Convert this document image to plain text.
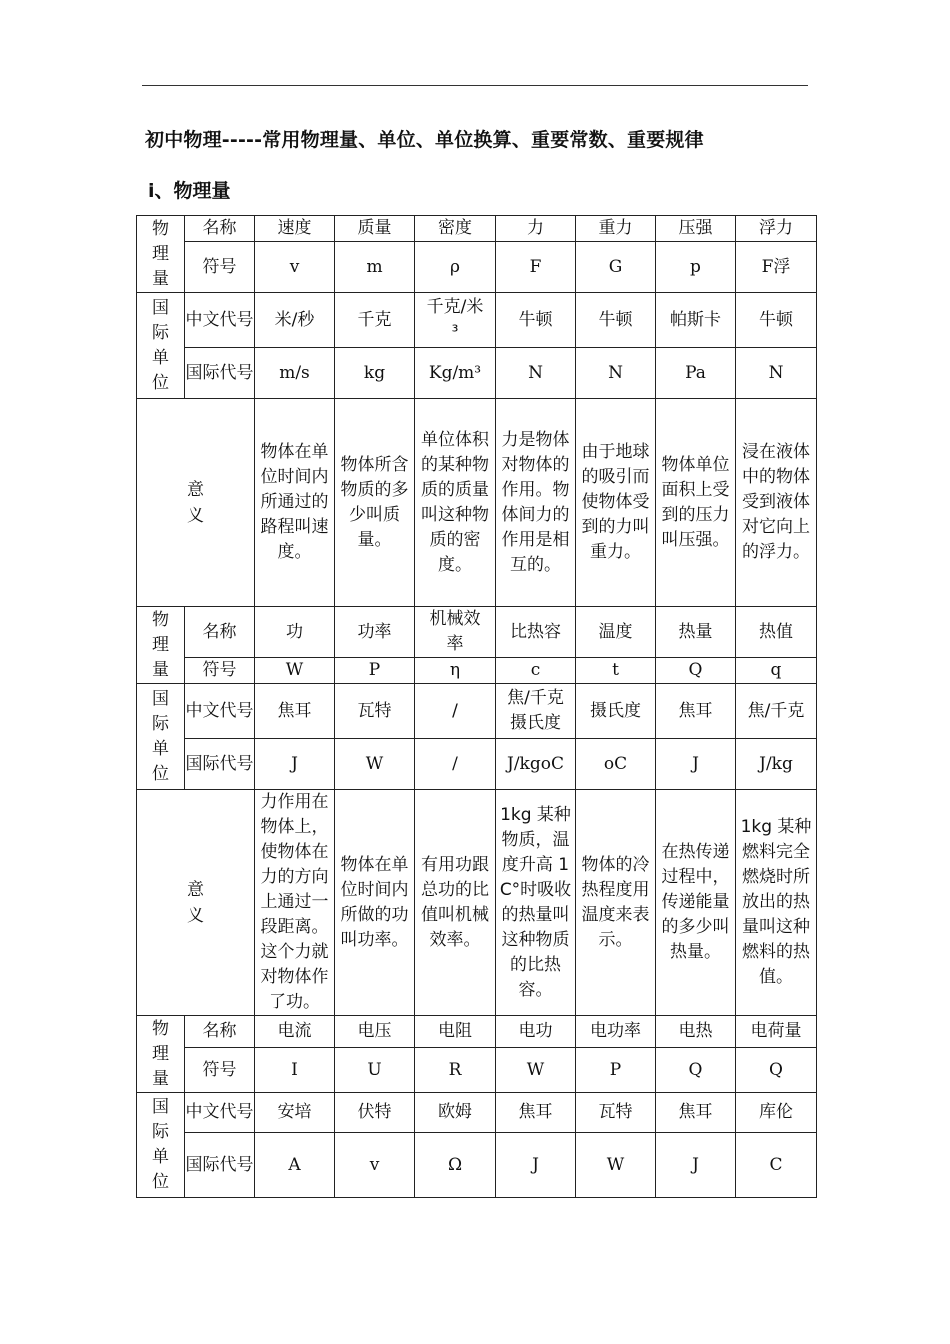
初中物理-----常用物理量、单位、单位换算、重要常数、重要规律
ⅰ、物理量
物理量	名称	速度	质量	密度	力	重力	压强	浮力
	符号	v	m	ρ	F	G	p	F浮

国际单位	中文代号	米/秒	千克	千克/米³	牛顿	牛顿	帕斯卡	牛顿
	国际代号	m/s	kg	Kg/m³	N	N	Pa	N

意义		物体在单位时间内所通过的路程叫速度。	物体所含物质的多少叫质量。	单位体积的某种物质的质量叫这种物质的密度。	力是物体对物体的作用。物体间力的作用是相互的。	由于地球的吸引而使物体受到的力叫重力。	物体单位面积上受到的压力叫压强。	浸在液体中的物体受到液体对它向上的浮力。

物理量	名称	功	功率	机械效率	比热容	温度	热量	热值
	符号	W	P	η	c	t	Q	q

国际单位	中文代号	焦耳	瓦特	/	焦/千克摄氏度	摄氏度	焦耳	焦/千克
	国际代号	J	W	/	J/kgoC	oC	J	J/kg

意义		力作用在物体上，使物体在力的方向上通过一段距离。这个力就对物体作了功。	物体在单位时间内所做的功叫功率。	有用功跟总功的比值叫机械效率。	1kg 某种物质，温度升高 1C°时吸收的热量叫这种物质的比热容。	物体的冷热程度用温度来表示。	在热传递过程中，传递能量的多少叫热量。	1kg 某种燃料完全燃烧时所放出的热量叫这种燃料的热值。

物理量	名称	电流	电压	电阻	电功	电功率	电热	电荷量
	符号	I	U	R	W	P	Q	Q

国际单位	中文代号	安培	伏特	欧姆	焦耳	瓦特	焦耳	库伦
	国际代号	A	v	Ω	J	W	J	C
